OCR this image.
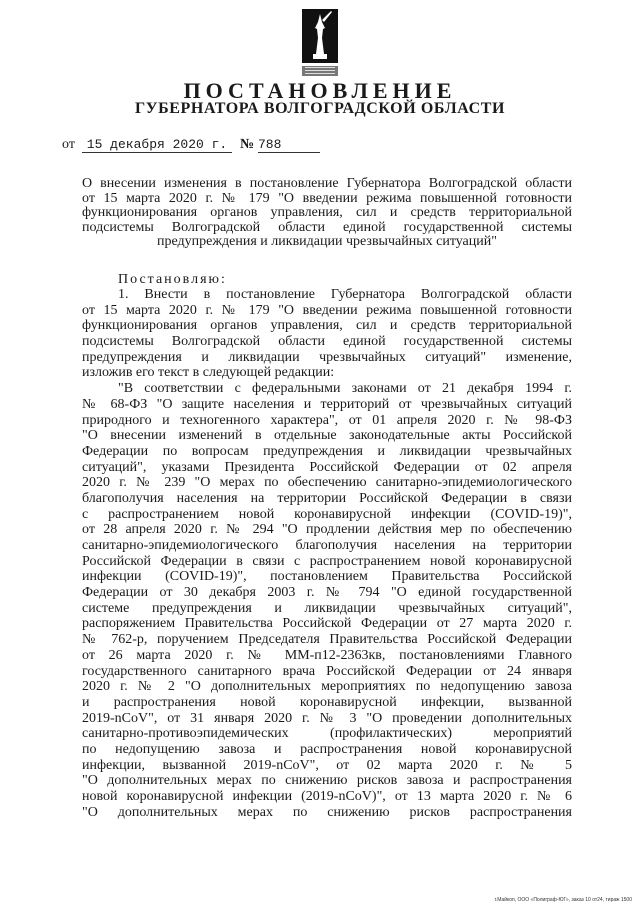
ПОСТАНОВЛЕНИЕ
ГУБЕРНАТОРА ВОЛГОГРАДСКОЙ ОБЛАСТИ
от 15 декабря 2020 г. № 788
О внесении изменения в постановление Губернатора Волгоградской области
от 15 марта 2020 г. № 179 "О введении режима повышенной готовности
функционирования органов управления, сил и средств территориальной
подсистемы Волгоградской области единой государственной системы
предупреждения и ликвидации чрезвычайных ситуаций"
Постановляю:
1. Внести в постановление Губернатора Волгоградской области
от 15 марта 2020 г. № 179 "О введении режима повышенной готовности
функционирования органов управления, сил и средств территориальной
подсистемы Волгоградской области единой государственной системы
предупреждения и ликвидации чрезвычайных ситуаций" изменение,
изложив его текст в следующей редакции:
"В соответствии с федеральными законами от 21 декабря 1994 г.
№ 68-ФЗ "О защите населения и территорий от чрезвычайных ситуаций
природного и техногенного характера", от 01 апреля 2020 г. № 98-ФЗ
"О внесении изменений в отдельные законодательные акты Российской
Федерации по вопросам предупреждения и ликвидации чрезвычайных
ситуаций", указами Президента Российской Федерации от 02 апреля
2020 г. № 239 "О мерах по обеспечению санитарно-эпидемиологического
благополучия населения на территории Российской Федерации в связи
с распространением новой коронавирусной инфекции (COVID-19)",
от 28 апреля 2020 г. № 294 "О продлении действия мер по обеспечению
санитарно-эпидемиологического благополучия населения на территории
Российской Федерации в связи с распространением новой коронавирусной
инфекции (COVID-19)", постановлением Правительства Российской
Федерации от 30 декабря 2003 г. № 794 "О единой государственной
системе предупреждения и ликвидации чрезвычайных ситуаций",
распоряжением Правительства Российской Федерации от 27 марта 2020 г.
№ 762-р, поручением Председателя Правительства Российской Федерации
от 26 марта 2020 г. № ММ-п12-2363кв, постановлениями Главного
государственного санитарного врача Российской Федерации от 24 января
2020 г. № 2 "О дополнительных мероприятиях по недопущению завоза
и распространения новой коронавирусной инфекции, вызванной
2019-nCoV", от 31 января 2020 г. № 3 "О проведении дополнительных
санитарно-противоэпидемических (профилактических) мероприятий
по недопущению завоза и распространения новой коронавирусной
инфекции, вызванной 2019-nCoV", от 02 марта 2020 г. № 5
"О дополнительных мерах по снижению рисков завоза и распространения
новой коронавирусной инфекции (2019-nCoV)", от 13 марта 2020 г. № 6
"О дополнительных мерах по снижению рисков распространения
г.Майкоп, ООО «Полиграф-ЮГ», заказ 10 от24, тираж 1500
